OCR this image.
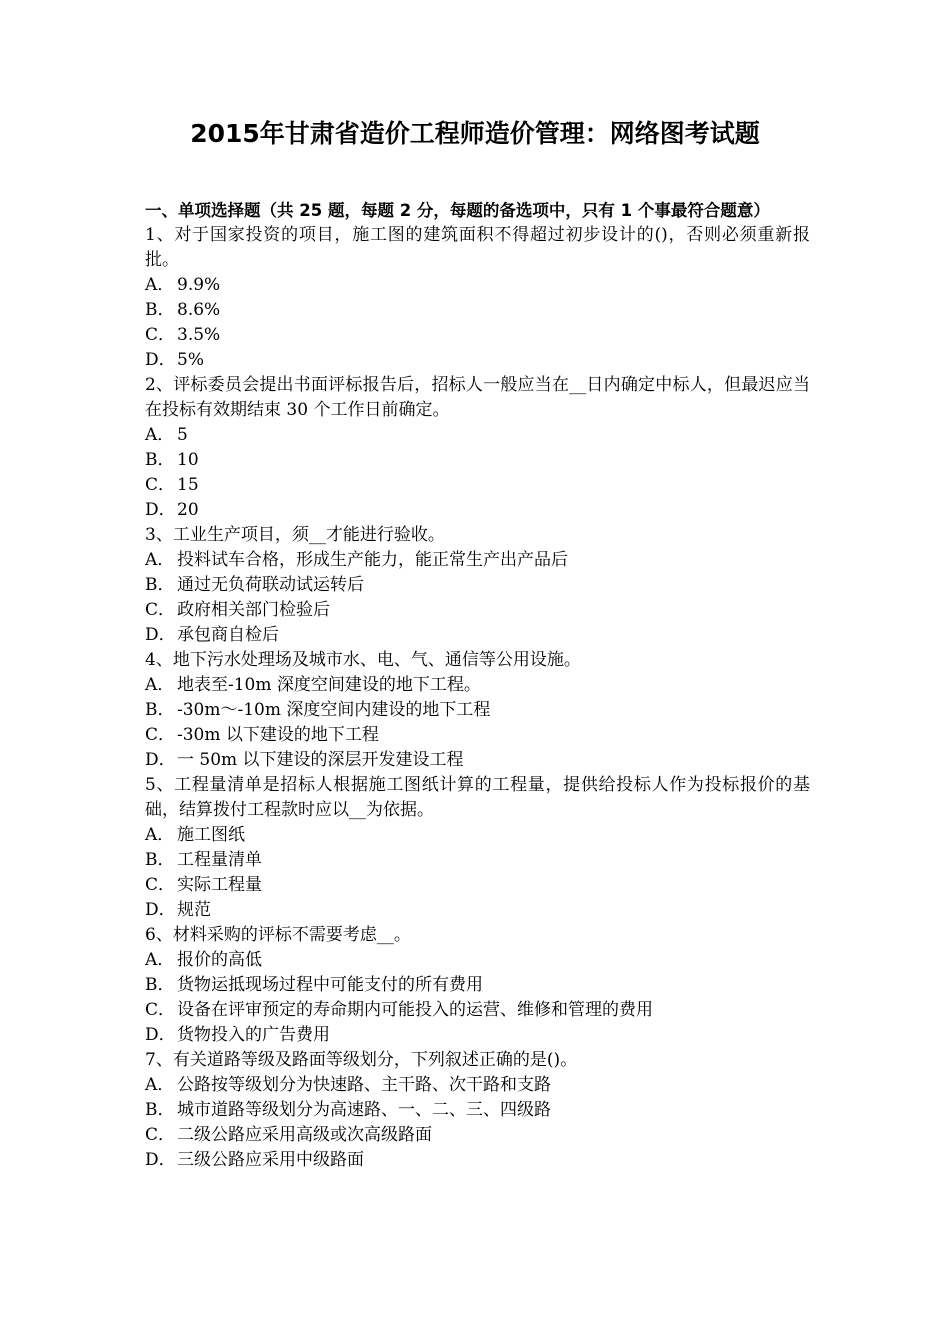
2015年甘肃省造价工程师造价管理：网络图考试题

一、单项选择题（共 25 题，每题 2 分，每题的备选项中，只有 1 个事最符合题意）

1、对于国家投资的项目，施工图的建筑面积不得超过初步设计的()，否则必须重新报批。

A． 9.9%

B． 8.6%

C． 3.5%

D．5%

2、评标委员会提出书面评标报告后，招标人一般应当在__日内确定中标人，但最迟应当在投标有效期结束 30 个工作日前确定。

A． 5

B． 10

C． 15

D．20

3、工业生产项目，须__才能进行验收。

A． 投料试车合格，形成生产能力，能正常生产出产品后

B． 通过无负荷联动试运转后

C． 政府相关部门检验后

D．承包商自检后

4、地下污水处理场及城市水、电、气、通信等公用设施。

A． 地表至-10m 深度空间建设的地下工程。

B． -30m～-10m 深度空间内建设的地下工程

C． -30m 以下建设的地下工程

D．一 50m 以下建设的深层开发建设工程

5、工程量清单是招标人根据施工图纸计算的工程量，提供给投标人作为投标报价的基础，结算拨付工程款时应以__为依据。

A． 施工图纸

B． 工程量清单

C． 实际工程量

D．规范

6、材料采购的评标不需要考虑__。

A． 报价的高低

B． 货物运抵现场过程中可能支付的所有费用

C． 设备在评审预定的寿命期内可能投入的运营、维修和管理的费用

D．货物投入的广告费用

7、有关道路等级及路面等级划分，下列叙述正确的是()。

A． 公路按等级划分为快速路、主干路、次干路和支路

B． 城市道路等级划分为高速路、一、二、三、四级路

C． 二级公路应采用高级或次高级路面

D．三级公路应采用中级路面
